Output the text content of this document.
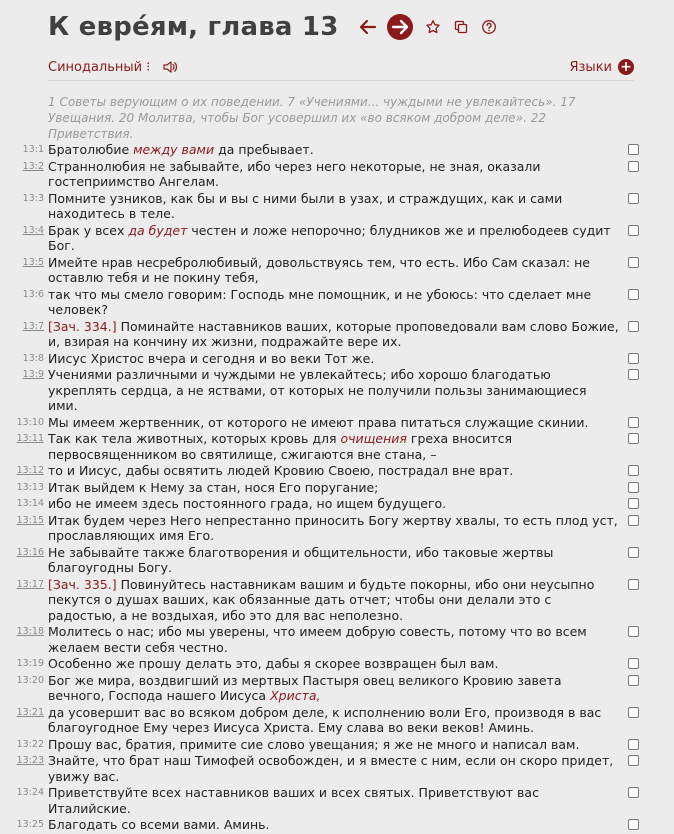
К евре́ям, глава 13
Синодальный ⁝	Языки +
1 Советы верующим о их поведении. 7 «Учениями... чуждыми не увлекайтесь». 17 Увещания. 20 Молитва, чтобы Бог усовершил их «во всяком добром деле». 22 Приветствия.
13:1 Братолюбие между вами да пребывает.
13:2 Страннолюбия не забывайте, ибо через него некоторые, не зная, оказали гостеприимство Ангелам.
13:3 Помните узников, как бы и вы с ними были в узах, и страждущих, как и сами находитесь в теле.
13:4 Брак у всех да будет честен и ложе непорочно; блудников же и прелюбодеев судит Бог.
13:5 Имейте нрав несребролюбивый, довольствуясь тем, что есть. Ибо Сам сказал: не оставлю тебя и не покину тебя,
13:6 так что мы смело говорим: Господь мне помощник, и не убоюсь: что сделает мне человек?
13:7 [Зач. 334.] Поминайте наставников ваших, которые проповедовали вам слово Божие, и, взирая на кончину их жизни, подражайте вере их.
13:8 Иисус Христос вчера и сегодня и во веки Тот же.
13:9 Учениями различными и чуждыми не увлекайтесь; ибо хорошо благодатью укреплять сердца, а не яствами, от которых не получили пользы занимающиеся ими.
13:10 Мы имеем жертвенник, от которого не имеют права питаться служащие скинии.
13:11 Так как тела животных, которых кровь для очищения греха вносится первосвященником во святилище, сжигаются вне стана, –
13:12 то и Иисус, дабы освятить людей Кровию Своею, пострадал вне врат.
13:13 Итак выйдем к Нему за стан, нося Его поругание;
13:14 ибо не имеем здесь постоянного града, но ищем будущего.
13:15 Итак будем через Него непрестанно приносить Богу жертву хвалы, то есть плод уст, прославляющих имя Его.
13:16 Не забывайте также благотворения и общительности, ибо таковые жертвы благоугодны Богу.
13:17 [Зач. 335.] Повинуйтесь наставникам вашим и будьте покорны, ибо они неусыпно пекутся о душах ваших, как обязанные дать отчет; чтобы они делали это с радостью, а не воздыхая, ибо это для вас неполезно.
13:18 Молитесь о нас; ибо мы уверены, что имеем добрую совесть, потому что во всем желаем вести себя честно.
13:19 Особенно же прошу делать это, дабы я скорее возвращен был вам.
13:20 Бог же мира, воздвигший из мертвых Пастыря овец великого Кровию завета вечного, Господа нашего Иисуса Христа,
13:21 да усовершит вас во всяком добром деле, к исполнению воли Его, производя в вас благоугодное Ему через Иисуса Христа. Ему слава во веки веков! Аминь.
13:22 Прошу вас, братия, примите сие слово увещания; я же не много и написал вам.
13:23 Знайте, что брат наш Тимофей освобожден, и я вместе с ним, если он скоро придет, увижу вас.
13:24 Приветствуйте всех наставников ваших и всех святых. Приветствуют вас Италийские.
13:25 Благодать со всеми вами. Аминь.
